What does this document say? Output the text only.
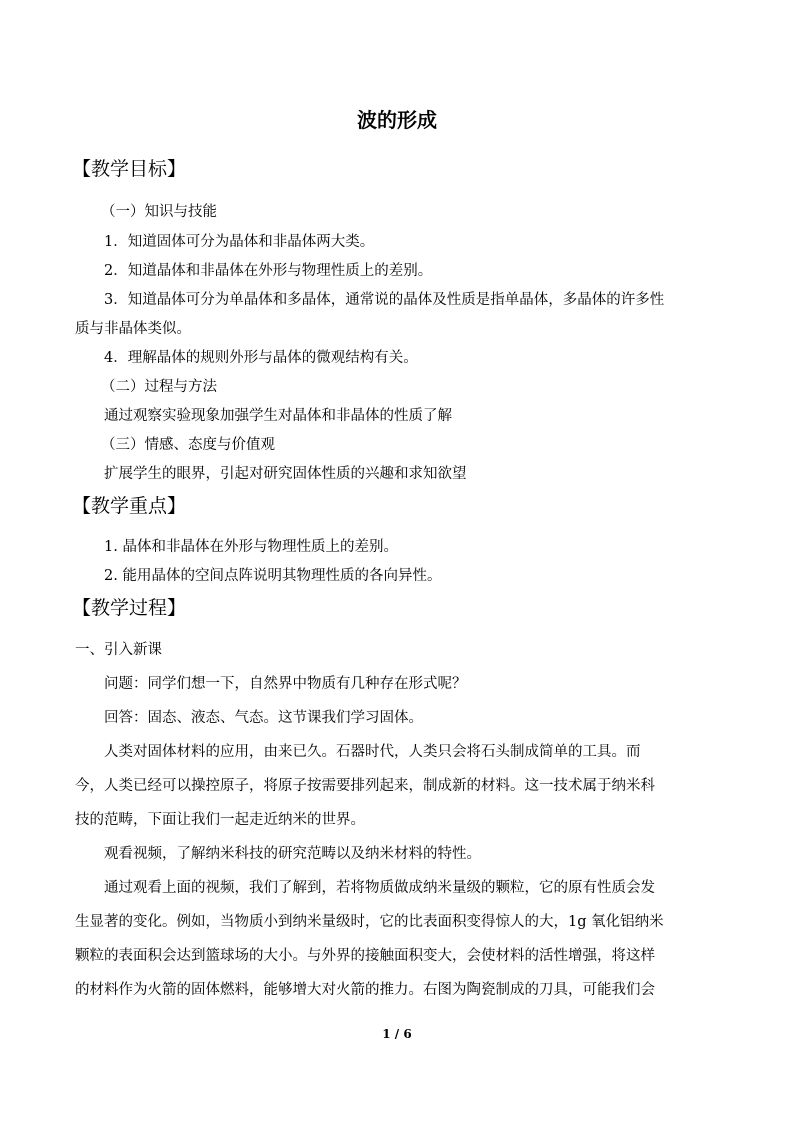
波的形成
【教学目标】
（一）知识与技能
1．知道固体可分为晶体和非晶体两大类。
2．知道晶体和非晶体在外形与物理性质上的差别。
3．知道晶体可分为单晶体和多晶体，通常说的晶体及性质是指单晶体，多晶体的许多性
质与非晶体类似。
4．理解晶体的规则外形与晶体的微观结构有关。
（二）过程与方法
通过观察实验现象加强学生对晶体和非晶体的性质了解
（三）情感、态度与价值观
扩展学生的眼界，引起对研究固体性质的兴趣和求知欲望
【教学重点】
1. 晶体和非晶体在外形与物理性质上的差别。
2. 能用晶体的空间点阵说明其物理性质的各向异性。
【教学过程】
一、引入新课
问题：同学们想一下，自然界中物质有几种存在形式呢？
回答：固态、液态、气态。这节课我们学习固体。
人类对固体材料的应用，由来已久。石器时代，人类只会将石头制成简单的工具。而
今，人类已经可以操控原子，将原子按需要排列起来，制成新的材料。这一技术属于纳米科
技的范畴，下面让我们一起走近纳米的世界。
观看视频，了解纳米科技的研究范畴以及纳米材料的特性。
通过观看上面的视频，我们了解到，若将物质做成纳米量级的颗粒，它的原有性质会发
生显著的变化。例如，当物质小到纳米量级时，它的比表面积变得惊人的大，1g 氧化铝纳米
颗粒的表面积会达到篮球场的大小。与外界的接触面积变大，会使材料的活性增强，将这样
的材料作为火箭的固体燃料，能够增大对火箭的推力。右图为陶瓷制成的刀具，可能我们会
1 / 6
